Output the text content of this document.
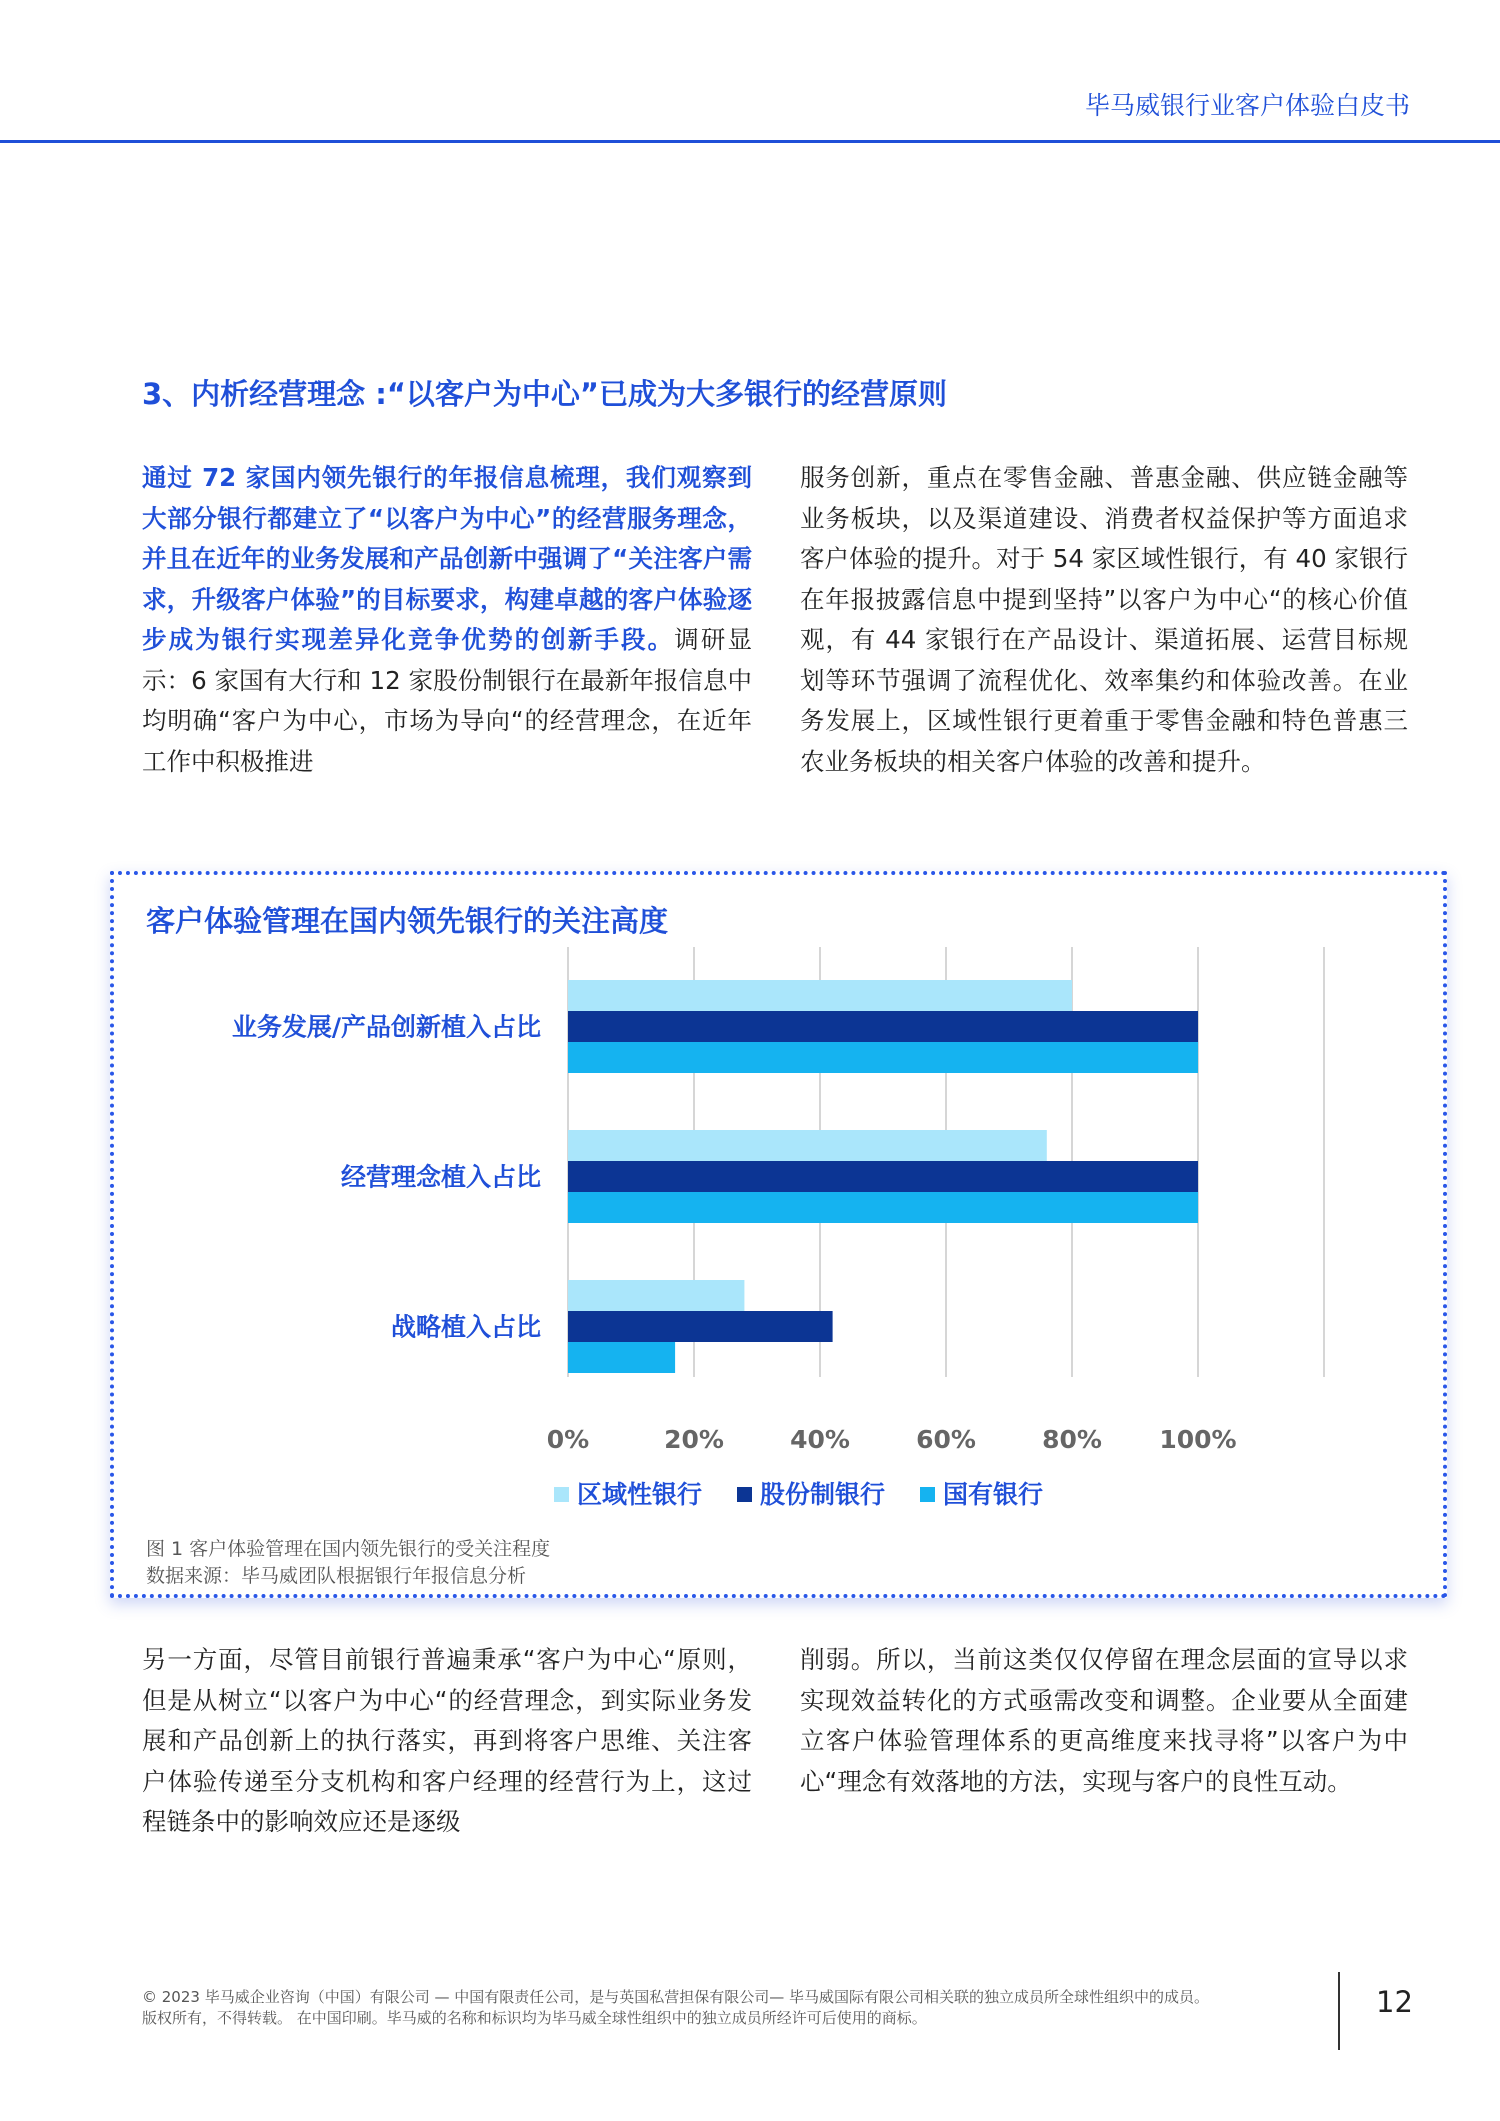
毕马威银行业客户体验白皮书
3、内析经营理念 :“以客户为中心”已成为大多银行的经营原则
通过 72 家国内领先银行的年报信息梳理，我们观察到大部分银行都建立了“以客户为中心”的经营服务理念，并且在近年的业务发展和产品创新中强调了“关注客户需求，升级客户体验”的目标要求，构建卓越的客户体验逐步成为银行实现差异化竞争优势的创新手段。调研显示：6 家国有大行和 12 家股份制银行在最新年报信息中均明确“客户为中心，市场为导向“的经营理念，在近年工作中积极推进
服务创新，重点在零售金融、普惠金融、供应链金融等业务板块，以及渠道建设、消费者权益保护等方面追求客户体验的提升。对于 54 家区域性银行，有 40 家银行在年报披露信息中提到坚持”以客户为中心“的核心价值观，有 44 家银行在产品设计、渠道拓展、运营目标规划等环节强调了流程优化、效率集约和体验改善。在业务发展上，区域性银行更着重于零售金融和特色普惠三农业务板块的相关客户体验的改善和提升。
客户体验管理在国内领先银行的关注高度
业务发展/产品创新植入占比
经营理念植入占比
战略植入占比
0%	20%	40%	60%	80% 100%
区域性银行 股份制银行 国有银行
图 1 客户体验管理在国内领先银行的受关注程度
数据来源：毕马威团队根据银行年报信息分析
另一方面，尽管目前银行普遍秉承“客户为中心“原则，但是从树立“以客户为中心“的经营理念，到实际业务发展和产品创新上的执行落实，再到将客户思维、关注客户体验传递至分支机构和客户经理的经营行为上，这过程链条中的影响效应还是逐级
削弱。所以，当前这类仅仅停留在理念层面的宣导以求实现效益转化的方式亟需改变和调整。企业要从全面建立客户体验管理体系的更高维度来找寻将”以客户为中心“理念有效落地的方法，实现与客户的良性互动。
© 2023 毕马威企业咨询（中国）有限公司 — 中国有限责任公司，是与英国私营担保有限公司— 毕马威国际有限公司相关联的独立成员所全球性组织中的成员。
版权所有，不得转载。 在中国印刷。毕马威的名称和标识均为毕马威全球性组织中的独立成员所经许可后使用的商标。	12
